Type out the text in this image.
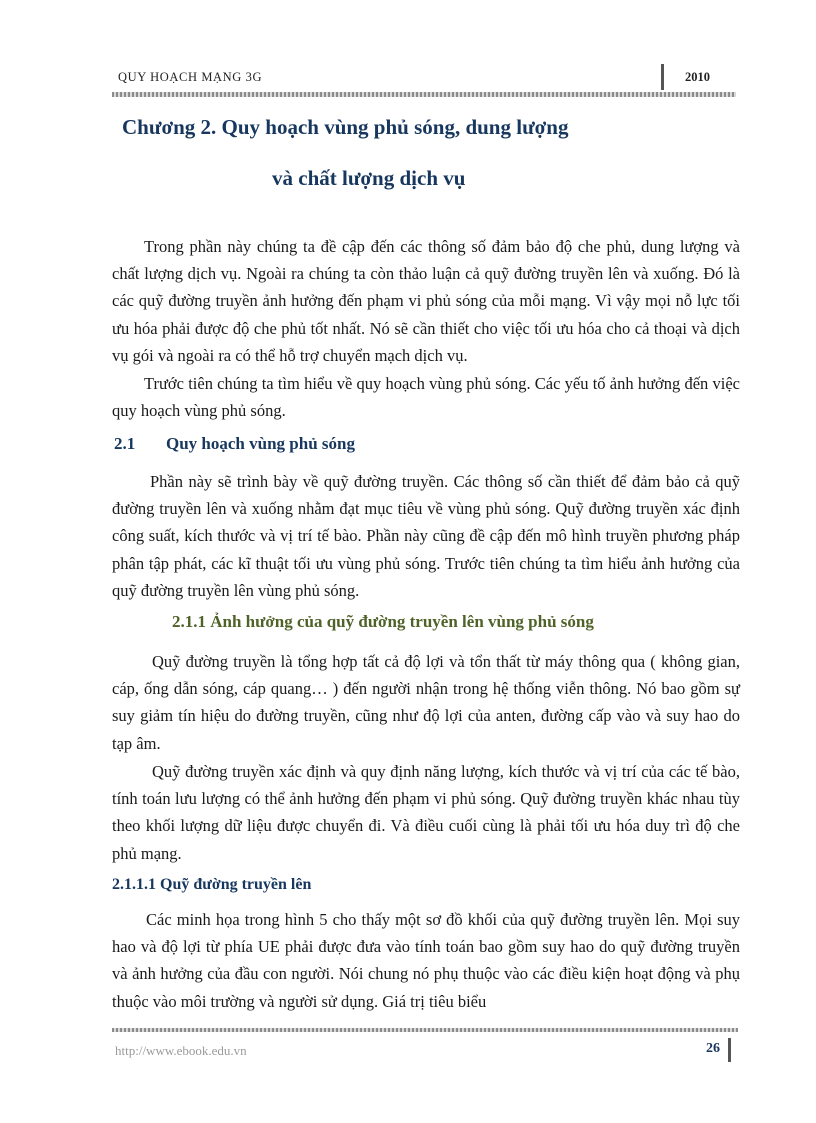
QUY HOẠCH MẠNG 3G	2010
Chương 2. Quy hoạch vùng phủ sóng, dung lượng
và chất lượng dịch vụ

Trong phần này chúng ta đề cập đến các thông số đảm bảo độ che phủ, dung lượng và chất lượng dịch vụ. Ngoài ra chúng ta còn thảo luận cả quỹ đường truyền lên và xuống. Đó là các quỹ đường truyền ảnh hưởng đến phạm vi phủ sóng của mỗi mạng. Vì vậy mọi nỗ lực tối ưu hóa phải được độ che phủ tốt nhất. Nó sẽ cần thiết cho việc tối ưu hóa cho cả thoại và dịch vụ gói và ngoài ra có thể hỗ trợ chuyển mạch dịch vụ.

Trước tiên chúng ta tìm hiểu về quy hoạch vùng phủ sóng. Các yếu tố ảnh hưởng đến việc quy hoạch vùng phủ sóng.

2.1 Quy hoạch vùng phủ sóng

Phần này sẽ trình bày về quỹ đường truyền. Các thông số cần thiết để đảm bảo cả quỹ đường truyền lên và xuống nhằm đạt mục tiêu về vùng phủ sóng. Quỹ đường truyền xác định công suất, kích thước và vị trí tế bào. Phần này cũng đề cập đến mô hình truyền phương pháp phân tập phát, các kĩ thuật tối ưu vùng phủ sóng. Trước tiên chúng ta tìm hiểu ảnh hưởng của quỹ đường truyền lên vùng phủ sóng.

2.1.1 Ảnh hưởng của quỹ đường truyền lên vùng phủ sóng

Quỹ đường truyền là tổng hợp tất cả độ lợi và tổn thất từ máy thông qua ( không gian, cáp, ống dẫn sóng, cáp quang… ) đến người nhận trong hệ thống viễn thông. Nó bao gồm sự suy giảm tín hiệu do đường truyền, cũng như độ lợi của anten, đường cấp vào và suy hao do tạp âm.

Quỹ đường truyền xác định và quy định năng lượng, kích thước và vị trí của các tế bào, tính toán lưu lượng có thể ảnh hưởng đến phạm vi phủ sóng. Quỹ đường truyền khác nhau tùy theo khối lượng dữ liệu được chuyển đi. Và điều cuối cùng là phải tối ưu hóa duy trì độ che phủ mạng.

2.1.1.1 Quỹ đường truyền lên

Các minh họa trong hình 5 cho thấy một sơ đồ khối của quỹ đường truyền lên. Mọi suy hao và độ lợi từ phía UE phải được đưa vào tính toán bao gồm suy hao do quỹ đường truyền và ảnh hưởng của đầu con người. Nói chung nó phụ thuộc vào các điều kiện hoạt động và phụ thuộc vào môi trường và người sử dụng. Giá trị tiêu biểu

http://www.ebook.edu.vn	26
